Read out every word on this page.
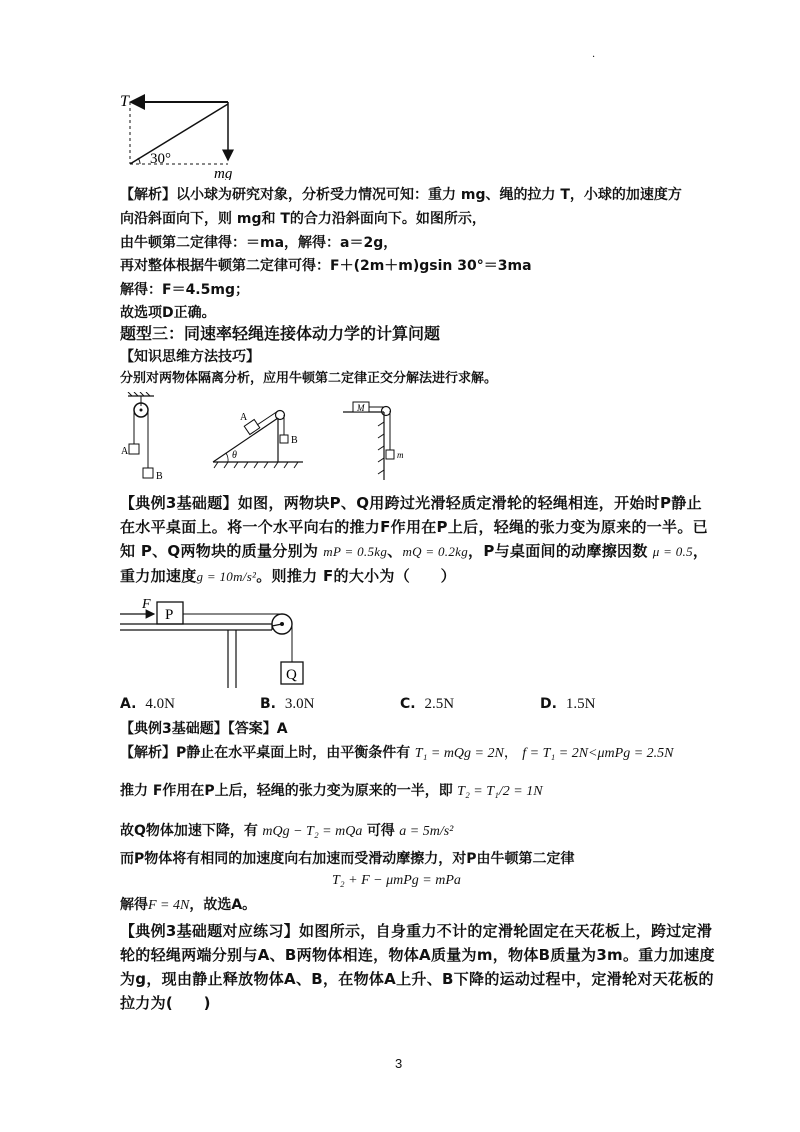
·
T
30°
mg
【解析】以小球为研究对象，分析受力情况可知：重力 mg、绳的拉力 T，小球的加速度方
向沿斜面向下，则 mg和 T的合力沿斜面向下。如图所示，
由牛顿第二定律得：＝ma，解得：a＝2g，
再对整体根据牛顿第二定律可得：F＋(2m＋m)gsin 30°＝3ma
解得：F＝4.5mg；
故选项D正确。
题型三：同速率轻绳连接体动力学的计算问题
【知识思维方法技巧】
分别对两物体隔离分析，应用牛顿第二定律正交分解法进行求解。
A
B
A
B
θ
M
m
【典例3基础题】如图，两物块P、Q用跨过光滑轻质定滑轮的轻绳相连，开始时P静止
在水平桌面上。将一个水平向右的推力F作用在P上后，轻绳的张力变为原来的一半。已
知 P、Q两物块的质量分别为 mP = 0.5kg、mQ = 0.2kg，P与桌面间的动摩擦因数 μ = 0.5，
重力加速度g = 10m/s²。则推力 F的大小为（　　）
F
P
Q
A. 4.0N	B. 3.0N	C. 2.5N	D. 1.5N
【典例3基础题】【答案】A
【解析】P静止在水平桌面上时，由平衡条件有 T₁ = mQg = 2N， f = T₁ = 2N<μmPg = 2.5N
推力 F作用在P上后，轻绳的张力变为原来的一半，即 T₂ = T₁/2 = 1N
故Q物体加速下降，有 mQg − T₂ = mQa 可得 a = 5m/s²
而P物体将有相同的加速度向右加速而受滑动摩擦力，对P由牛顿第二定律
T₂ + F − μmPg = mPa
解得F = 4N，故选A。
【典例3基础题对应练习】如图所示，自身重力不计的定滑轮固定在天花板上，跨过定滑
轮的轻绳两端分别与A、B两物体相连，物体A质量为m，物体B质量为3m。重力加速度
为g，现由静止释放物体A、B，在物体A上升、B下降的运动过程中，定滑轮对天花板的
拉力为(　　)
3
